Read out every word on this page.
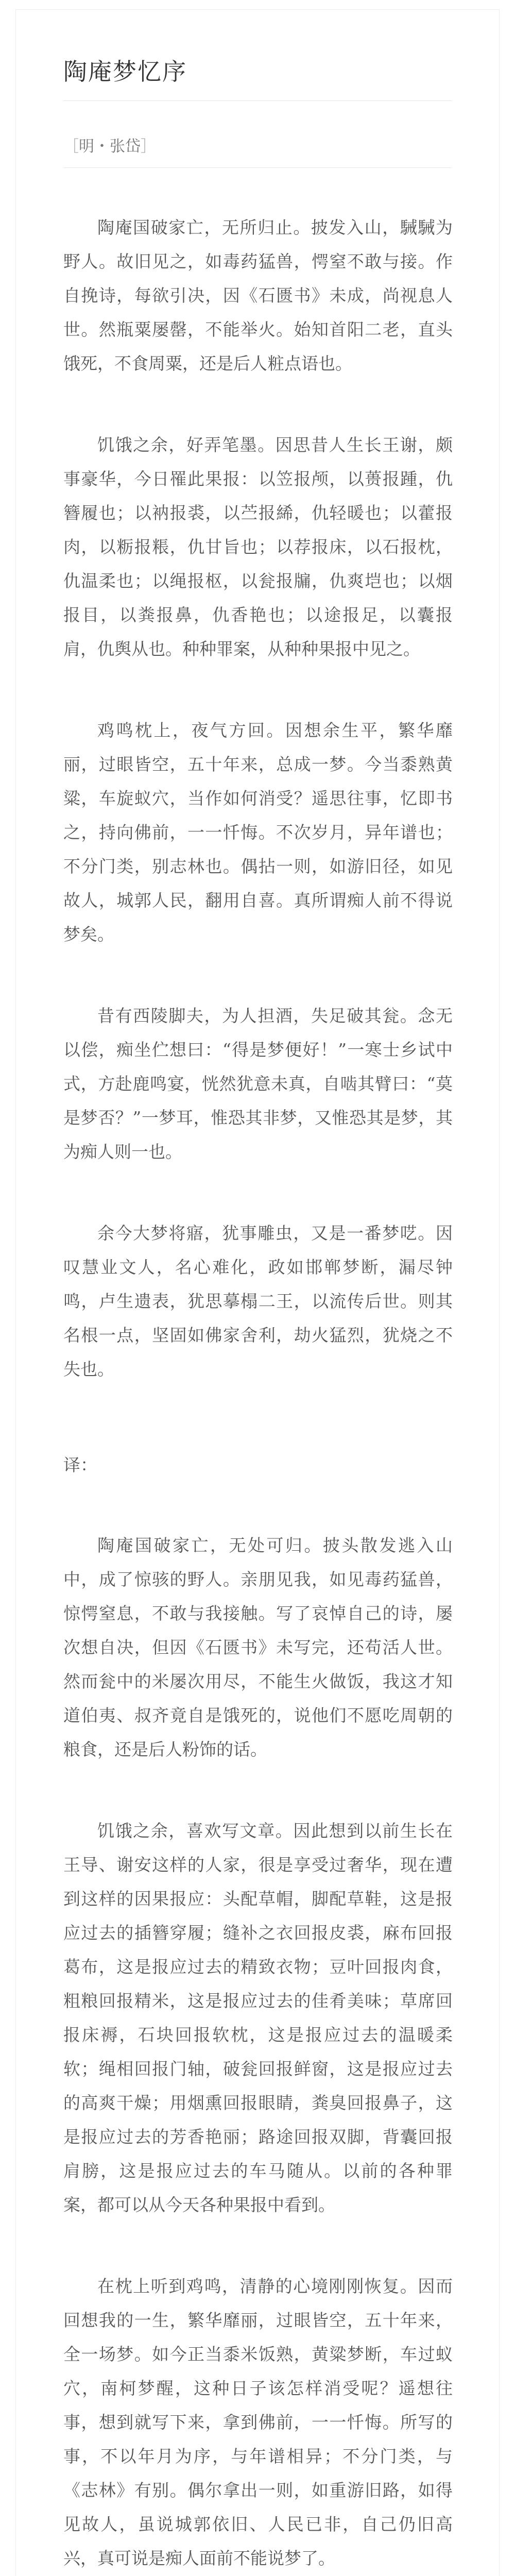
陶庵梦忆序
［明・张岱］

陶庵国破家亡，无所归止。披发入山，駴駴为野人。故旧见之，如毒药猛兽，愕窒不敢与接。作自挽诗，每欲引决，因《石匮书》未成，尚视息人世。然瓶粟屡罄，不能举火。始知首阳二老，直头饿死，不食周粟，还是后人粧点语也。

饥饿之余，好弄笔墨。因思昔人生长王谢，颇事豪华，今日罹此果报：以笠报颅，以蒉报踵，仇簪履也；以衲报裘，以苎报絺，仇轻暖也；以藿报肉，以粝报粻，仇甘旨也；以荐报床，以石报枕，仇温柔也；以绳报枢，以瓮报牖，仇爽垲也；以烟报目，以粪报鼻，仇香艳也；以途报足，以囊报肩，仇舆从也。种种罪案，从种种果报中见之。

鸡鸣枕上，夜气方回。因想余生平，繁华靡丽，过眼皆空，五十年来，总成一梦。今当黍熟黄粱，车旋蚁穴，当作如何消受？遥思往事，忆即书之，持向佛前，一一忏悔。不次岁月，异年谱也；不分门类，别志林也。偶拈一则，如游旧径，如见故人，城郭人民，翻用自喜。真所谓痴人前不得说梦矣。

昔有西陵脚夫，为人担酒，失足破其瓮。念无以偿，痴坐伫想曰：“得是梦便好！”一寒士乡试中式，方赴鹿鸣宴，恍然犹意未真，自啮其臂曰：“莫是梦否？”一梦耳，惟恐其非梦，又惟恐其是梦，其为痴人则一也。

余今大梦将寤，犹事雕虫，又是一番梦呓。因叹慧业文人，名心难化，政如邯郸梦断，漏尽钟鸣，卢生遗表，犹思摹榻二王，以流传后世。则其名根一点，坚固如佛家舍利，劫火猛烈，犹烧之不失也。

译：

陶庵国破家亡，无处可归。披头散发逃入山中，成了惊骇的野人。亲朋见我，如见毒药猛兽，惊愕窒息，不敢与我接触。写了哀悼自己的诗，屡次想自决，但因《石匮书》未写完，还苟活人世。然而瓮中的米屡次用尽，不能生火做饭，我这才知道伯夷、叔齐竟自是饿死的，说他们不愿吃周朝的粮食，还是后人粉饰的话。

饥饿之余，喜欢写文章。因此想到以前生长在王导、谢安这样的人家，很是享受过奢华，现在遭到这样的因果报应：头配草帽，脚配草鞋，这是报应过去的插簪穿履；缝补之衣回报皮裘，麻布回报葛布，这是报应过去的精致衣物；豆叶回报肉食，粗粮回报精米，这是报应过去的佳肴美味；草席回报床褥，石块回报软枕，这是报应过去的温暖柔软；绳相回报门轴，破瓮回报鲜窗，这是报应过去的高爽干燥；用烟熏回报眼睛，粪臭回报鼻子，这是报应过去的芳香艳丽；路途回报双脚，背囊回报肩膀，这是报应过去的车马随从。以前的各种罪案，都可以从今天各种果报中看到。

在枕上听到鸡鸣，清静的心境刚刚恢复。因而回想我的一生，繁华靡丽，过眼皆空，五十年来，全一场梦。如今正当黍米饭熟，黄粱梦断，车过蚁穴，南柯梦醒，这种日子该怎样消受呢？遥想往事，想到就写下来，拿到佛前，一一忏悔。所写的事，不以年月为序，与年谱相异；不分门类，与《志林》有别。偶尔拿出一则，如重游旧路，如得见故人，虽说城郭依旧、人民已非，自己仍旧高兴，真可说是痴人面前不能说梦了。
